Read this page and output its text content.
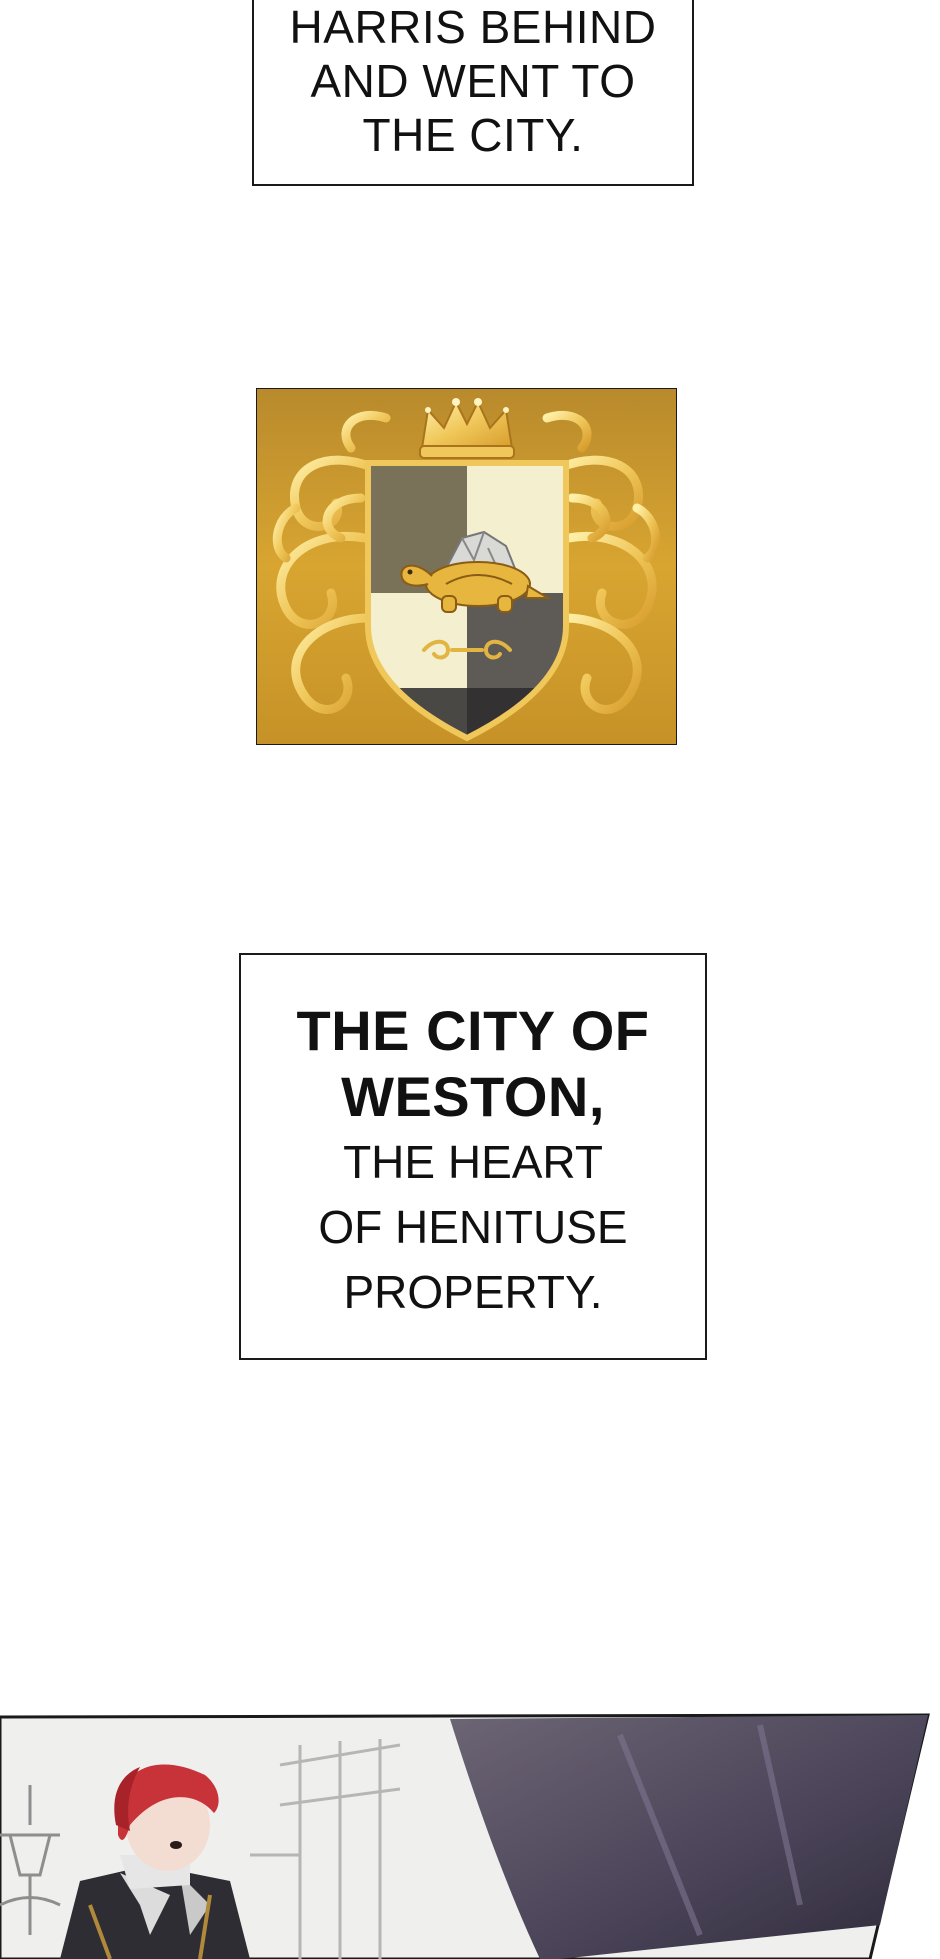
HARRIS BEHIND
AND WENT TO
THE CITY.
THE CITY OF
WESTON,
THE HEART
OF HENITUSE
PROPERTY.
